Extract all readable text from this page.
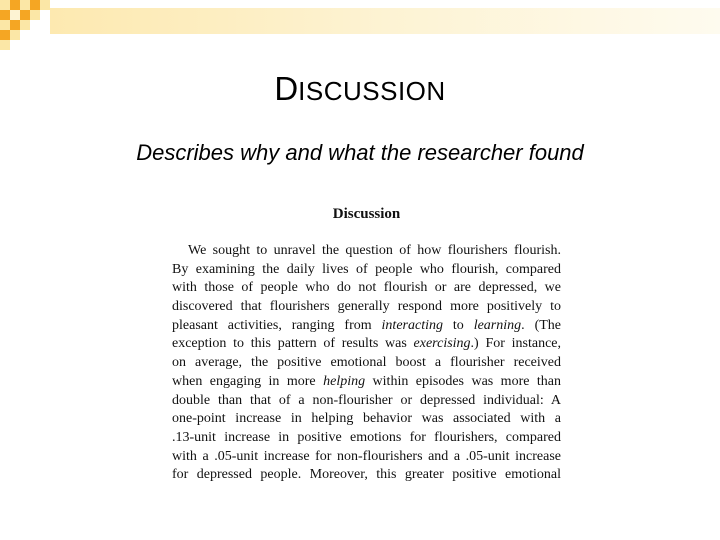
DISCUSSION
Describes why and what the researcher found
Discussion
We sought to unravel the question of how flourishers flourish.
By examining the daily lives of people who flourish, compared
with those of people who do not flourish or are depressed, we
discovered that flourishers generally respond more positively to
pleasant activities, ranging from interacting to learning. (The
exception to this pattern of results was exercising.) For instance,
on average, the positive emotional boost a flourisher received
when engaging in more helping within episodes was more than
double than that of a non-flourisher or depressed individual: A
one-point increase in helping behavior was associated with a
.13-unit increase in positive emotions for flourishers, compared
with a .05-unit increase for non-flourishers and a .05-unit increase
for depressed people. Moreover, this greater positive emotional
